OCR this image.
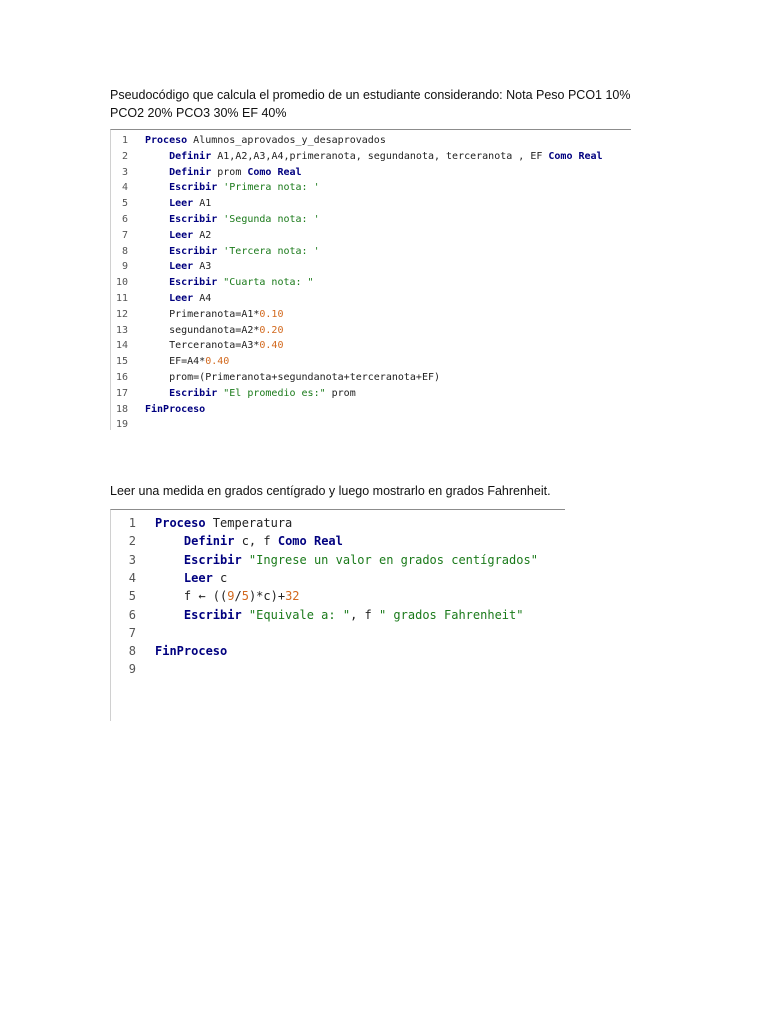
Pseudocódigo que calcula el promedio de un estudiante considerando: Nota Peso PCO1 10% PCO2 20% PCO3 30% EF 40%
1 Proceso Alumnos_aprovados_y_desaprovados
2 Definir A1,A2,A3,A4,primeranota, segundanota, terceranota , EF Como Real
3 Definir prom Como Real
4 Escribir 'Primera nota: '
5 Leer A1
6 Escribir 'Segunda nota: '
7 Leer A2
8 Escribir 'Tercera nota: '
9 Leer A3
10 Escribir "Cuarta nota: "
11 Leer A4
12 Primeranota=A1*0.10
13 segundanota=A2*0.20
14 Terceranota=A3*0.40
15 EF=A4*0.40
16 prom=(Primeranota+segundanota+terceranota+EF)
17 Escribir "El promedio es:" prom
18 FinProceso
19
Leer una medida en grados centígrado y luego mostrarlo en grados Fahrenheit.
1 Proceso Temperatura
2 Definir c, f Como Real
3 Escribir "Ingrese un valor en grados centígrados"
4 Leer c
5 f ← ((9/5)*c)+32
6 Escribir "Equivale a: ", f " grados Fahrenheit"
7
8 FinProceso
9
